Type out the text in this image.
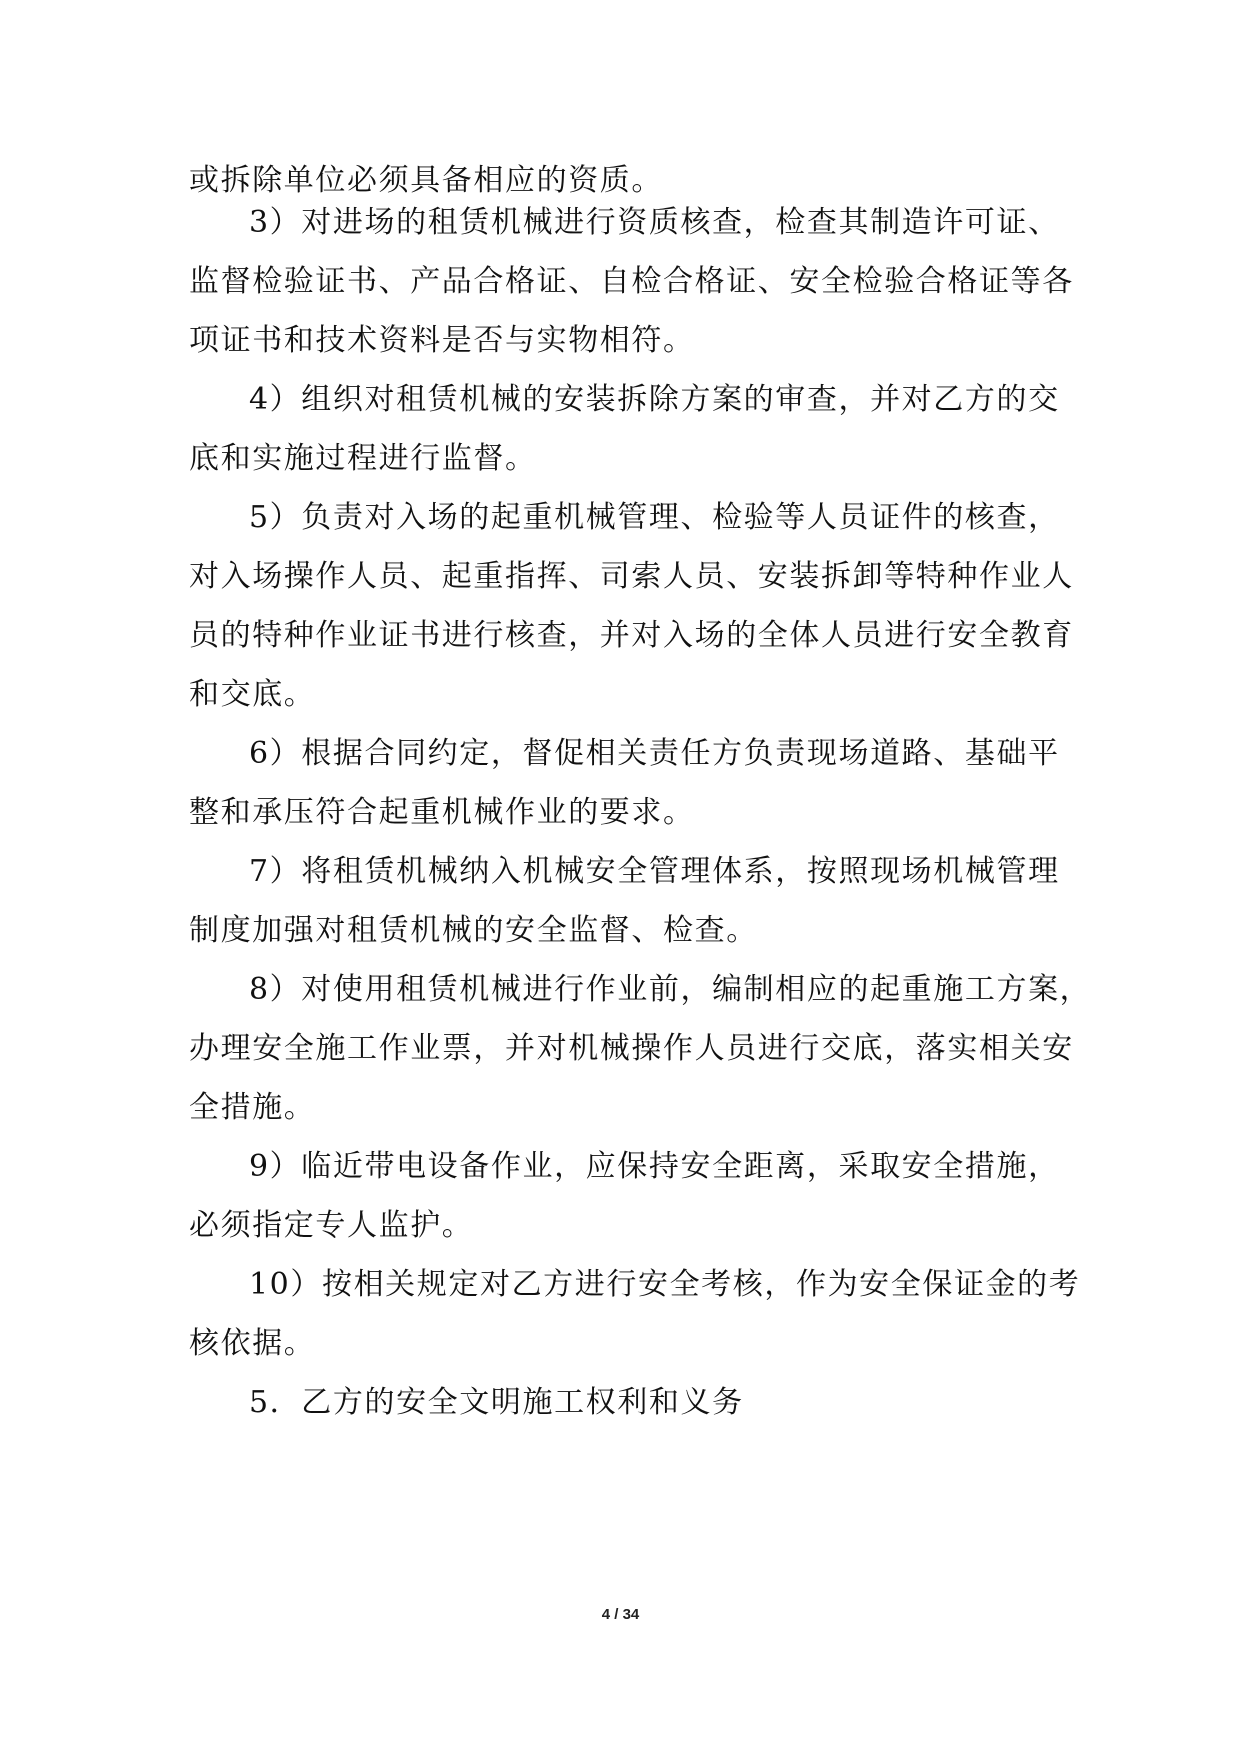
或拆除单位必须具备相应的资质。
3）对进场的租赁机械进行资质核查，检查其制造许可证、
监督检验证书、产品合格证、自检合格证、安全检验合格证等各
项证书和技术资料是否与实物相符。
4）组织对租赁机械的安装拆除方案的审查，并对乙方的交
底和实施过程进行监督。
5）负责对入场的起重机械管理、检验等人员证件的核查，
对入场操作人员、起重指挥、司索人员、安装拆卸等特种作业人
员的特种作业证书进行核查，并对入场的全体人员进行安全教育
和交底。
6）根据合同约定，督促相关责任方负责现场道路、基础平
整和承压符合起重机械作业的要求。
7）将租赁机械纳入机械安全管理体系，按照现场机械管理
制度加强对租赁机械的安全监督、检查。
8）对使用租赁机械进行作业前，编制相应的起重施工方案，
办理安全施工作业票，并对机械操作人员进行交底，落实相关安
全措施。
9）临近带电设备作业，应保持安全距离，采取安全措施，
必须指定专人监护。
10）按相关规定对乙方进行安全考核，作为安全保证金的考
核依据。
5．乙方的安全文明施工权利和义务
4 / 34
